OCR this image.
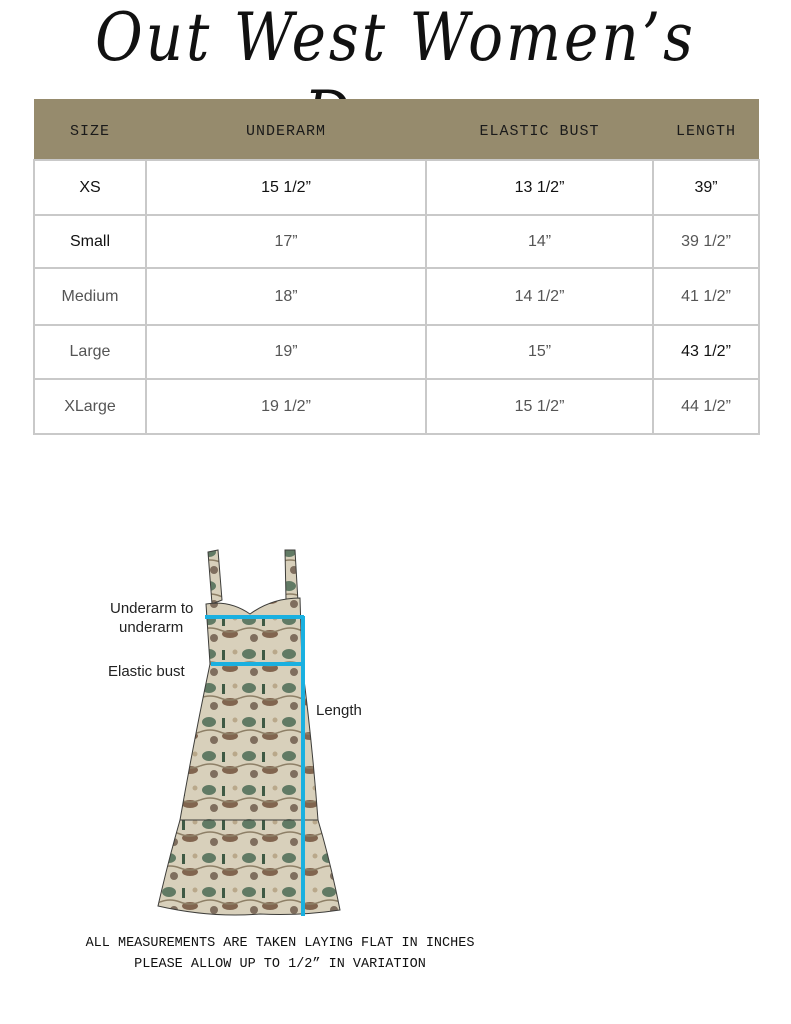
Out West Women’s
SIZE	UNDERARM	ELASTIC BUST	LENGTH
XS	15 1/2”	13 1/2”	39”
Small	17”	14”	39 1/2”
Medium	18”	14 1/2”	41 1/2”
Large	19”	15”	43 1/2”
XLarge	19 1/2”	15 1/2”	44 1/2”
Underarm to
underarm
Elastic bust
Length
ALL MEASUREMENTS ARE TAKEN LAYING FLAT IN INCHES
PLEASE ALLOW UP TO 1/2” IN VARIATION
